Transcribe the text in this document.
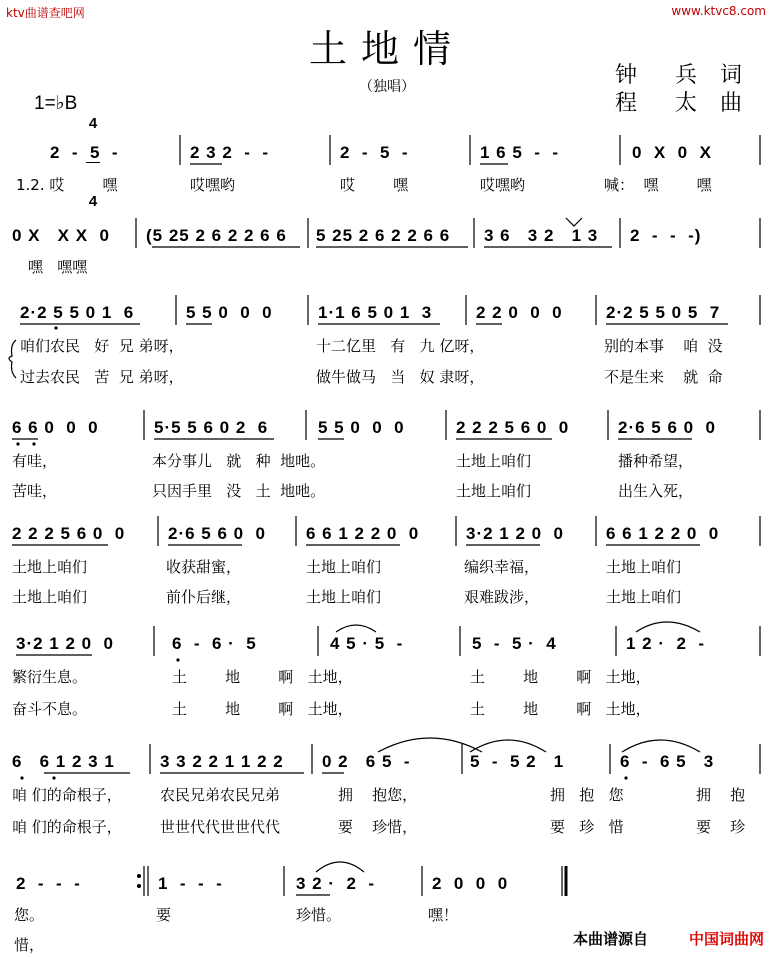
ktv曲谱查吧网	www.ktvc8.com
土地情
（独唱）	钟  兵 词
程  太 曲
1=♭B

4

4

2  -  5  -	2 3 2  -  -	2  -  5  -	1 6 5  -  -	0  X  0  X
1.2. 哎        嘿	哎嘿哟	哎        嘿	哎嘿哟	喊：  嘿        嘿
0 X   X X  0 (5 25 2 6 2 2 6 6 5 25 2 6 2 2 6 6 3 6   3 2   1 3 2  -  -  -)
嘿   嘿嘿
2·2 5 5 0 1  6	5 5 0  0  0	1·1 6 5 0 1  3	2 2 0  0  0	2·2 5 5 0 5  7
咱们农民   好  兄 弟呀，	十二亿里   有   九 亿呀，	别的本事    咱  没
过去农民   苦  兄 弟呀，	做牛做马   当   奴 隶呀，	不是生来    就  命
6 6 0  0  0	5·5 5 6 0 2  6	5 5 0  0  0	2 2 2 5 6 0  0	2·6 5 6 0  0
有哇，	本分事儿   就   种  地吔。	土地上咱们	播种希望，
苦哇，	只因手里   没   土  地吔。	土地上咱们	出生入死，
2 2 2 5 6 0  0	2·6 5 6 0  0 6 6 1 2 2 0  0	3·2 1 2 0  0 6 6 1 2 2 0  0
土地上咱们	收获甜蜜，	土地上咱们	编织幸福，	土地上咱们
土地上咱们	前仆后继，	土地上咱们	艰难跋涉，	土地上咱们
3·2 1 2 0  0	6  -  6 ·  5	4 5 · 5  -	5  -  5 ·  4	1 2 ·  2  -
繁衍生息。	土        地        啊   土地，	土        地        啊   土地，
奋斗不息。	土        地        啊   土地，	土        地        啊   土地，
6   6 1 2 3 1	3 3 2 2 1 1 2 2 0 2   6 5  -	5  -  5 2   1	6  -  6 5   3
咱 们的命根子，	农民兄弟农民兄弟	拥    抱您，	拥   抱   您	拥    抱
咱 们的命根子，	世世代代世世代代	要    珍惜，	要   珍   惜	要    珍
2  -  -  -	1  -  -  -	3 2 ·  2  -	2  0  0  0
您。	要	珍惜。	嘿！
惜，	本曲谱源自	中国词曲网
